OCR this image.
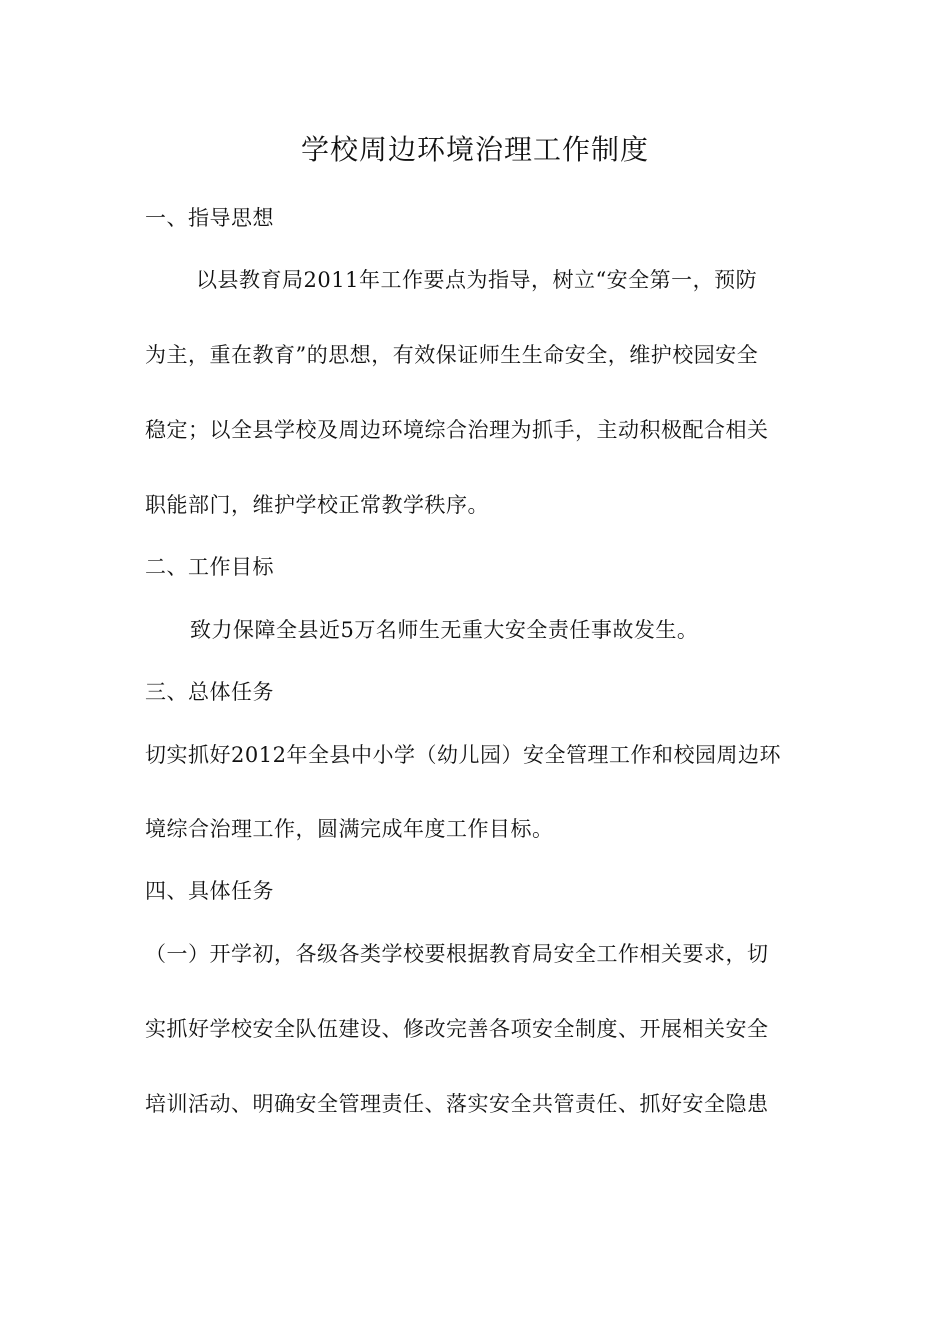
学校周边环境治理工作制度
一、指导思想
以县教育局2011年工作要点为指导，树立“安全第一，预防
为主，重在教育”的思想，有效保证师生生命安全，维护校园安全
稳定；以全县学校及周边环境综合治理为抓手，主动积极配合相关
职能部门，维护学校正常教学秩序。
二、工作目标
致力保障全县近5万名师生无重大安全责任事故发生。
三、总体任务
切实抓好2012年全县中小学（幼儿园）安全管理工作和校园周边环
境综合治理工作，圆满完成年度工作目标。
四、具体任务
（一）开学初，各级各类学校要根据教育局安全工作相关要求，切
实抓好学校安全队伍建设、修改完善各项安全制度、开展相关安全
培训活动、明确安全管理责任、落实安全共管责任、抓好安全隐患
